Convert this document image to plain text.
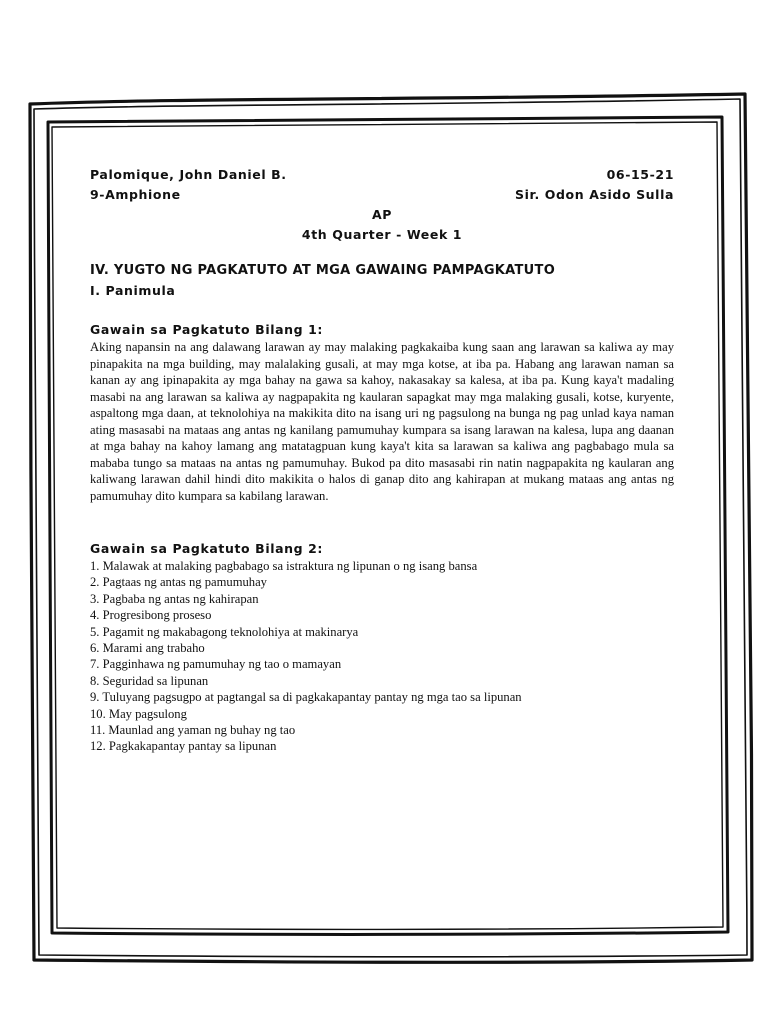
Palomique, John Daniel B.	06-15-21
9-Amphione	Sir. Odon Asido Sulla
AP
4th Quarter - Week 1
IV. YUGTO NG PAGKATUTO AT MGA GAWAING PAMPAGKATUTO
I. Panimula
Gawain sa Pagkatuto Bilang 1:
Aking napansin na ang dalawang larawan ay may malaking pagkakaiba kung saan ang larawan sa kaliwa ay may pinapakita na mga building, may malalaking gusali, at may mga kotse, at iba pa. Habang ang larawan naman sa kanan ay ang ipinapakita ay mga bahay na gawa sa kahoy, nakasakay sa kalesa, at iba pa. Kung kaya't madaling masabi na ang larawan sa kaliwa ay nagpapakita ng kaularan sapagkat may mga malaking gusali, kotse, kuryente, aspaltong mga daan, at teknolohiya na makikita dito na isang uri ng pagsulong na bunga ng pag unlad kaya naman ating masasabi na mataas ang antas ng kanilang pamumuhay kumpara sa isang larawan na kalesa, lupa ang daanan at mga bahay na kahoy lamang ang matatagpuan kung kaya't kita sa larawan sa kaliwa ang pagbabago mula sa mababa tungo sa mataas na antas ng pamumuhay. Bukod pa dito masasabi rin natin nagpapakita ng kaularan ang kaliwang larawan dahil hindi dito makikita o halos di ganap dito ang kahirapan at mukang mataas ang antas ng pamumuhay dito kumpara sa kabilang larawan.
Gawain sa Pagkatuto Bilang 2:
1. Malawak at malaking pagbabago sa istraktura ng lipunan o ng isang bansa
2. Pagtaas ng antas ng pamumuhay
3. Pagbaba ng antas ng kahirapan
4. Progresibong proseso
5. Pagamit ng makabagong teknolohiya at makinarya
6. Marami ang trabaho
7. Pagginhawa ng pamumuhay ng tao o mamayan
8. Seguridad sa lipunan
9. Tuluyang pagsugpo at pagtangal sa di pagkakapantay pantay ng mga tao sa lipunan
10. May pagsulong
11. Maunlad ang yaman ng buhay ng tao
12. Pagkakapantay pantay sa lipunan
